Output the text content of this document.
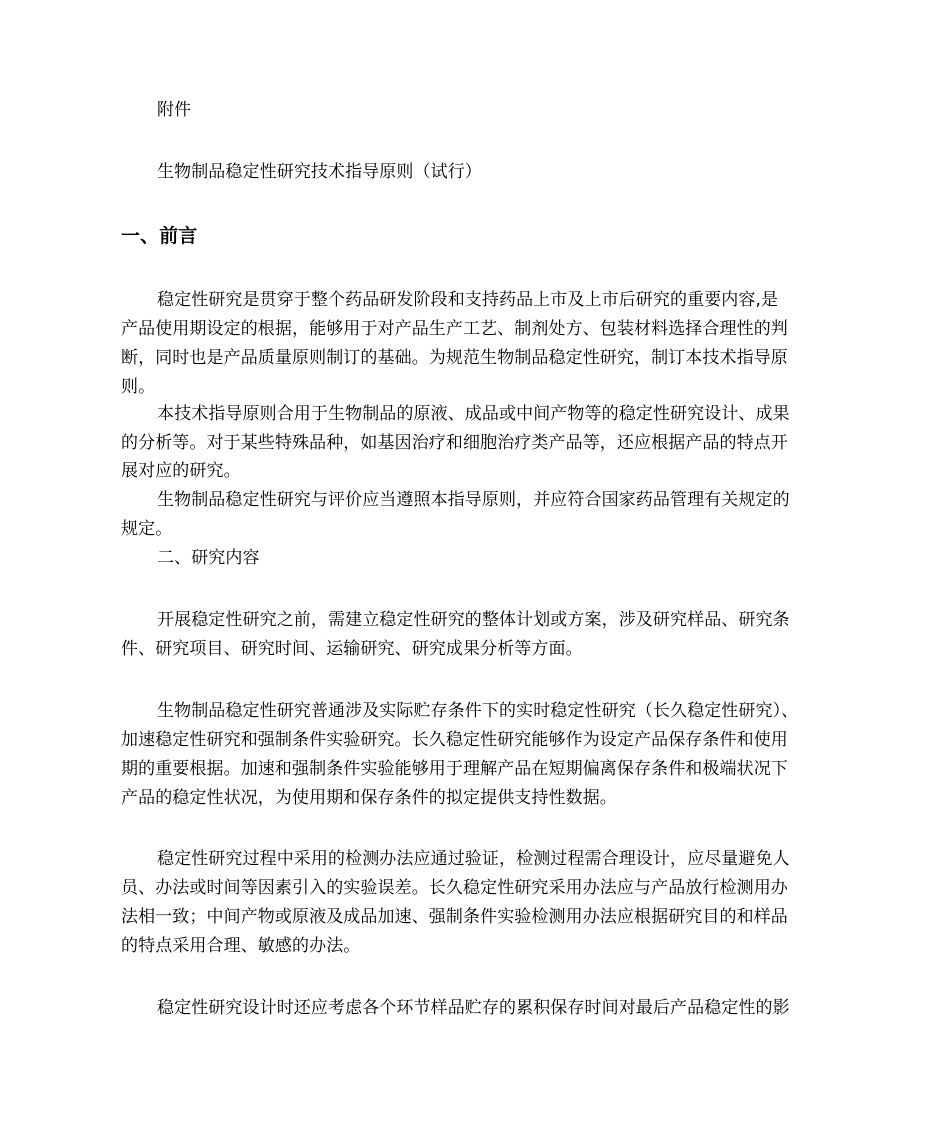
附件
生物制品稳定性研究技术指导原则（试行）
一、前言
稳定性研究是贯穿于整个药品研发阶段和支持药品上市及上市后研究的重要内容,是
产品使用期设定的根据，能够用于对产品生产工艺、制剂处方、包装材料选择合理性的判
断，同时也是产品质量原则制订的基础。为规范生物制品稳定性研究，制订本技术指导原
则。
本技术指导原则合用于生物制品的原液、成品或中间产物等的稳定性研究设计、成果
的分析等。对于某些特殊品种，如基因治疗和细胞治疗类产品等，还应根据产品的特点开
展对应的研究。
生物制品稳定性研究与评价应当遵照本指导原则，并应符合国家药品管理有关规定的
规定。
二、研究内容
开展稳定性研究之前，需建立稳定性研究的整体计划或方案，涉及研究样品、研究条
件、研究项目、研究时间、运输研究、研究成果分析等方面。
生物制品稳定性研究普通涉及实际贮存条件下的实时稳定性研究（长久稳定性研究）、
加速稳定性研究和强制条件实验研究。长久稳定性研究能够作为设定产品保存条件和使用
期的重要根据。加速和强制条件实验能够用于理解产品在短期偏离保存条件和极端状况下
产品的稳定性状况，为使用期和保存条件的拟定提供支持性数据。
稳定性研究过程中采用的检测办法应通过验证，检测过程需合理设计，应尽量避免人
员、办法或时间等因素引入的实验误差。长久稳定性研究采用办法应与产品放行检测用办
法相一致；中间产物或原液及成品加速、强制条件实验检测用办法应根据研究目的和样品
的特点采用合理、敏感的办法。
稳定性研究设计时还应考虑各个环节样品贮存的累积保存时间对最后产品稳定性的影
